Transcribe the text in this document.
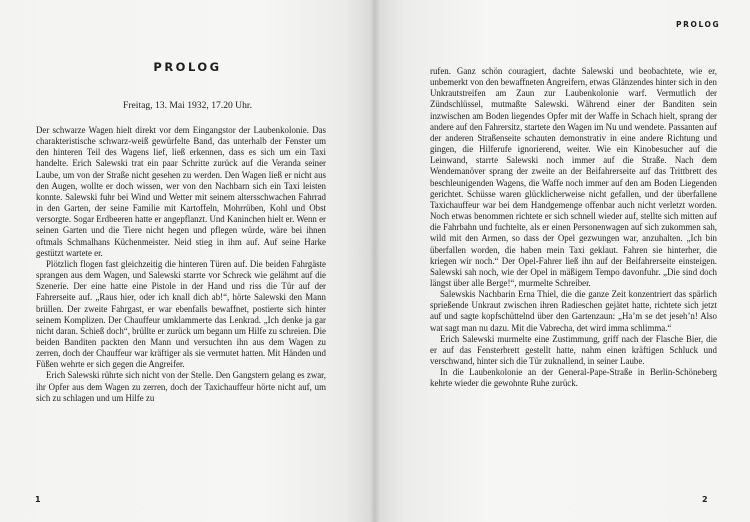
PROLOG
Freitag, 13. Mai 1932, 17.20 Uhr.

Der schwarze Wagen hielt direkt vor dem Eingangstor der Laubenkolonie. Das charakteristische schwarz-weiß gewürfelte Band, das unterhalb der Fenster um den hinteren Teil des Wagens lief, ließ erkennen, dass es sich um ein Taxi handelte. Erich Salewski trat ein paar Schritte zurück auf die Veranda seiner Laube, um von der Straße nicht gesehen zu werden. Den Wagen ließ er nicht aus den Augen, wollte er doch wissen, wer von den Nachbarn sich ein Taxi leisten konnte. Salewski fuhr bei Wind und Wetter mit seinem altersschwachen Fahrrad in den Garten, der seine Familie mit Kartoffeln, Mohrrüben, Kohl und Obst versorgte. Sogar Erdbeeren hatte er angepflanzt. Und Kaninchen hielt er. Wenn er seinen Garten und die Tiere nicht hegen und pflegen würde, wäre bei ihnen oftmals Schmalhans Küchenmeister. Neid stieg in ihm auf. Auf seine Harke gestützt wartete er.

Plötzlich flogen fast gleichzeitig die hinteren Türen auf. Die beiden Fahrgäste sprangen aus dem Wagen, und Salewski starrte vor Schreck wie gelähmt auf die Szenerie. Der eine hatte eine Pistole in der Hand und riss die Tür auf der Fahrerseite auf. „Raus hier, oder ich knall dich ab!“, hörte Salewski den Mann brüllen. Der zweite Fahrgast, er war ebenfalls bewaffnet, postierte sich hinter seinem Komplizen. Der Chauffeur umklammerte das Lenkrad. „Ich denke ja gar nicht daran. Schieß doch“, brüllte er zurück um begann um Hilfe zu schreien. Die beiden Banditen packten den Mann und versuchten ihn aus dem Wagen zu zerren, doch der Chauffeur war kräftiger als sie vermutet hatten. Mit Händen und Füßen wehrte er sich gegen die Angreifer.

Erich Salewski rührte sich nicht von der Stelle. Den Gangstern gelang es zwar, ihr Opfer aus dem Wagen zu zerren, doch der Taxichauffeur hörte nicht auf, um sich zu schlagen und um Hilfe zu

1
PROLOG

rufen. Ganz schön couragiert, dachte Salewski und beobachtete, wie er, unbemerkt von den bewaffneten Angreifern, etwas Glänzendes hinter sich in den Unkrautstreifen am Zaun zur Laubenkolonie warf. Vermutlich der Zündschlüssel, mutmaßte Salewski. Während einer der Banditen sein inzwischen am Boden liegendes Opfer mit der Waffe in Schach hielt, sprang der andere auf den Fahrersitz, startete den Wagen im Nu und wendete. Passanten auf der anderen Straßenseite schauten demonstrativ in eine andere Richtung und gingen, die Hilferufe ignorierend, weiter. Wie ein Kinobesucher auf die Leinwand, starrte Salewski noch immer auf die Straße. Nach dem Wendemanöver sprang der zweite an der Beifahrerseite auf das Trittbrett des beschleunigenden Wagens, die Waffe noch immer auf den am Boden Liegenden gerichtet. Schüsse waren glücklicherweise nicht gefallen, und der überfallene Taxichauffeur war bei dem Handgemenge offenbar auch nicht verletzt worden. Noch etwas benommen richtete er sich schnell wieder auf, stellte sich mitten auf die Fahrbahn und fuchtelte, als er einen Personenwagen auf sich zukommen sah, wild mit den Armen, so dass der Opel gezwungen war, anzuhalten. „Ich bin überfallen worden, die haben mein Taxi geklaut. Fahren sie hinterher, die kriegen wir noch.“ Der Opel-Fahrer ließ ihn auf der Beifahrerseite einsteigen. Salewski sah noch, wie der Opel in mäßigem Tempo davonfuhr. „Die sind doch längst über alle Berge!“, murmelte Schreiber.

Salewskis Nachbarin Erna Thiel, die die ganze Zeit konzentriert das spärlich sprießende Unkraut zwischen ihren Radieschen gejätet hatte, richtete sich jetzt auf und sagte kopfschüttelnd über den Gartenzaun: „Ha’m se det jeseh’n! Also wat sagt man nu dazu. Mit die Vabrecha, det wird imma schlimma.“

Erich Salewski murmelte eine Zustimmung, griff nach der Flasche Bier, die er auf das Fensterbrett gestellt hatte, nahm einen kräftigen Schluck und verschwand, hinter sich die Tür zuknallend, in seiner Laube.

In die Laubenkolonie an der General-Pape-Straße in Berlin-Schöneberg kehrte wieder die gewohnte Ruhe zurück.

2
